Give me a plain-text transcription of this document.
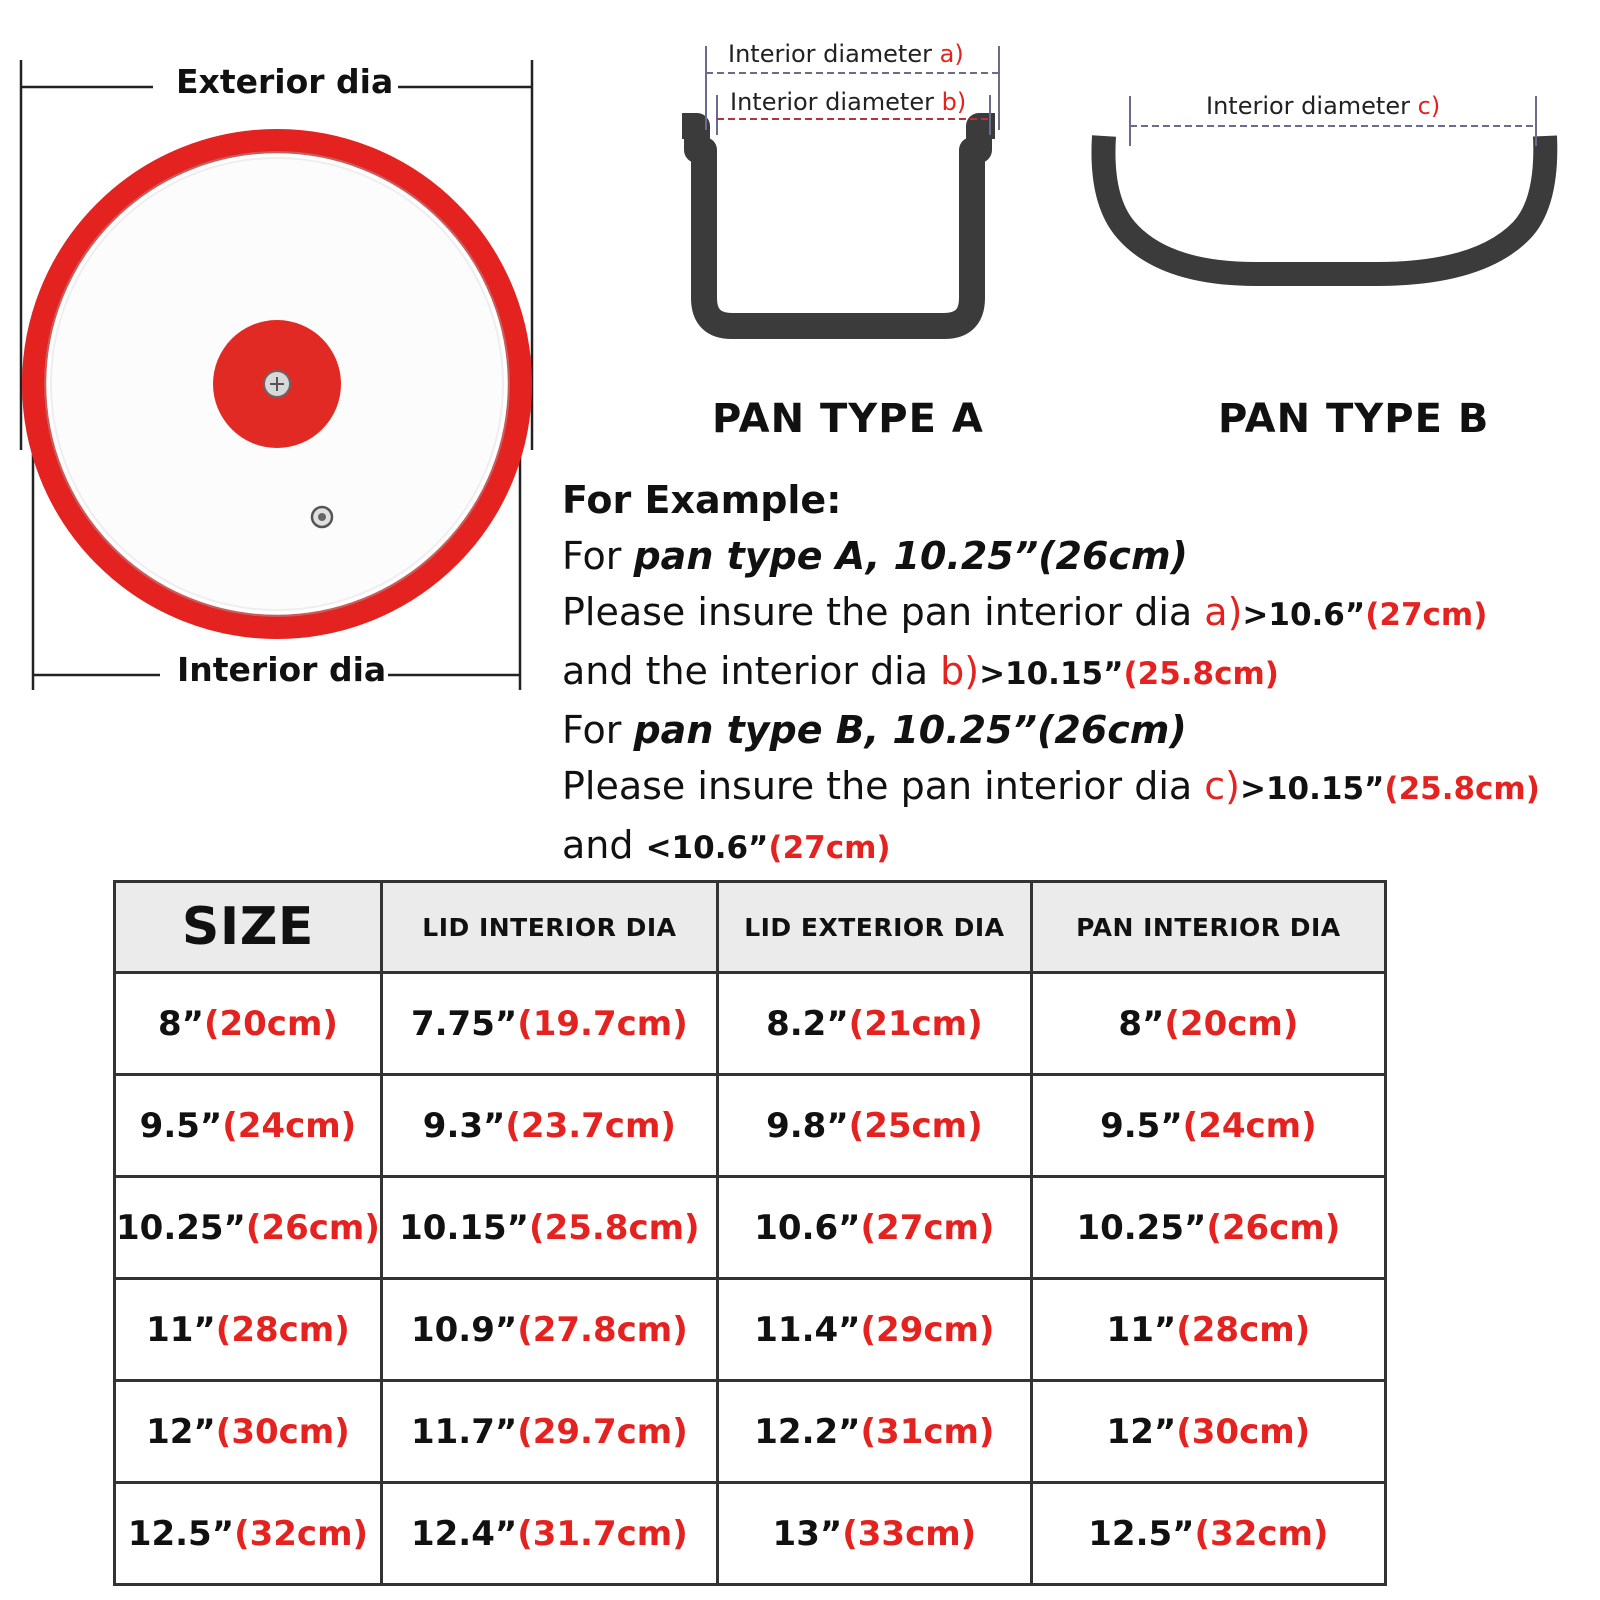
Exterior dia
Interior dia
Interior diameter a)
Interior diameter b)
PAN TYPE A
Interior diameter c)
PAN TYPE B
For Example:
For pan type A, 10.25”(26cm)
Please insure the pan interior dia a)>10.6”(27cm)
and the interior dia b)>10.15”(25.8cm)
For pan type B, 10.25”(26cm)
Please insure the pan interior dia c)>10.15”(25.8cm)
and <10.6”(27cm)
SIZE	LID INTERIOR DIA	LID EXTERIOR DIA	PAN INTERIOR DIA
8”(20cm)	7.75”(19.7cm)	8.2”(21cm)	8”(20cm)
9.5”(24cm)	9.3”(23.7cm)	9.8”(25cm)	9.5”(24cm)
10.25”(26cm)	10.15”(25.8cm)	10.6”(27cm)	10.25”(26cm)
11”(28cm)	10.9”(27.8cm)	11.4”(29cm)	11”(28cm)
12”(30cm)	11.7”(29.7cm)	12.2”(31cm)	12”(30cm)
12.5”(32cm)	12.4”(31.7cm)	13”(33cm)	12.5”(32cm)
